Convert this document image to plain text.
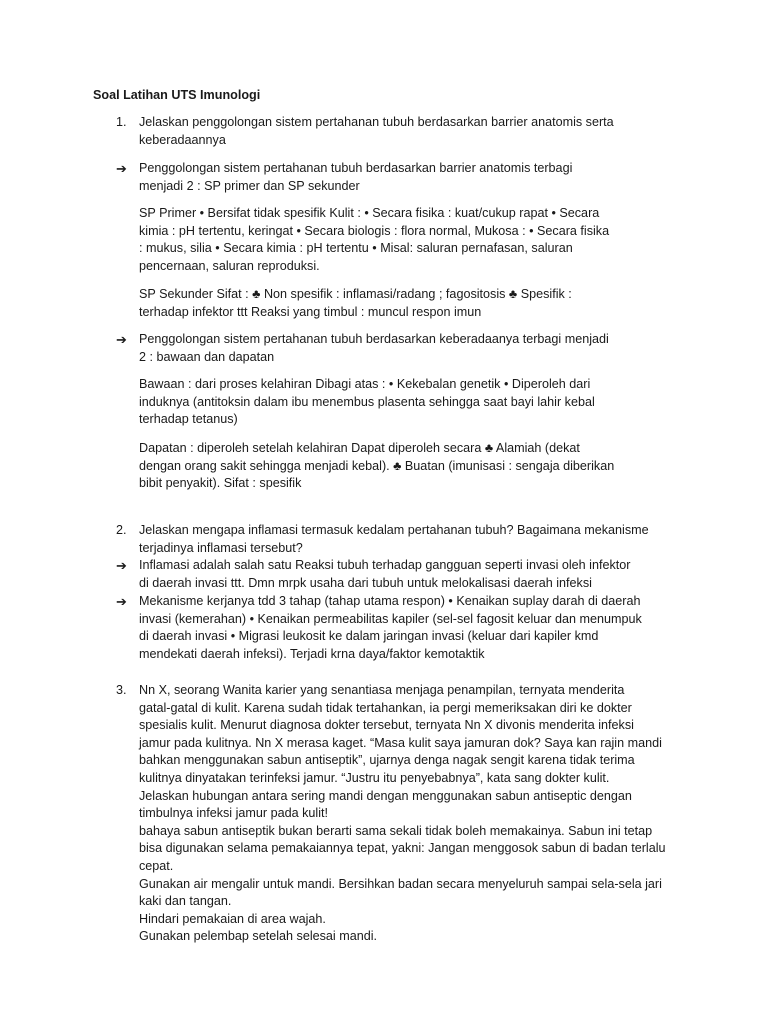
Soal Latihan UTS Imunologi
1. Jelaskan penggolongan sistem pertahanan tubuh berdasarkan barrier anatomis serta

keberadaannya

➔ Penggolongan sistem pertahanan tubuh berdasarkan barrier anatomis terbagi

menjadi 2 : SP primer dan SP sekunder

SP Primer • Bersifat tidak spesifik Kulit : • Secara fisika : kuat/cukup rapat • Secara

kimia : pH tertentu, keringat • Secara biologis : flora normal, Mukosa : • Secara fisika

: mukus, silia • Secara kimia : pH tertentu • Misal: saluran pernafasan, saluran

pencernaan, saluran reproduksi.

SP Sekunder Sifat : ♣ Non spesifik : inflamasi/radang ; fagositosis ♣ Spesifik :

terhadap infektor ttt Reaksi yang timbul : muncul respon imun

➔ Penggolongan sistem pertahanan tubuh berdasarkan keberadaanya terbagi menjadi

2 : bawaan dan dapatan

Bawaan : dari proses kelahiran Dibagi atas : • Kekebalan genetik • Diperoleh dari

induknya (antitoksin dalam ibu menembus plasenta sehingga saat bayi lahir kebal

terhadap tetanus)

Dapatan : diperoleh setelah kelahiran Dapat diperoleh secara ♣ Alamiah (dekat

dengan orang sakit sehingga menjadi kebal). ♣ Buatan (imunisasi : sengaja diberikan

bibit penyakit). Sifat : spesifik

2. Jelaskan mengapa inflamasi termasuk kedalam pertahanan tubuh? Bagaimana mekanisme

terjadinya inflamasi tersebut?

➔ Inflamasi adalah salah satu Reaksi tubuh terhadap gangguan seperti invasi oleh infektor

di daerah invasi ttt. Dmn mrpk usaha dari tubuh untuk melokalisasi daerah infeksi

➔ Mekanisme kerjanya tdd 3 tahap (tahap utama respon) • Kenaikan suplay darah di daerah

invasi (kemerahan) • Kenaikan permeabilitas kapiler (sel-sel fagosit keluar dan menumpuk

di daerah invasi • Migrasi leukosit ke dalam jaringan invasi (keluar dari kapiler kmd

mendekati daerah infeksi). Terjadi krna daya/faktor kemotaktik

3. Nn X, seorang Wanita karier yang senantiasa menjaga penampilan, ternyata menderita

gatal-gatal di kulit. Karena sudah tidak tertahankan, ia pergi memeriksakan diri ke dokter

spesialis kulit. Menurut diagnosa dokter tersebut, ternyata Nn X divonis menderita infeksi

jamur pada kulitnya. Nn X merasa kaget. “Masa kulit saya jamuran dok? Saya kan rajin mandi

bahkan menggunakan sabun antiseptik”, ujarnya denga nagak sengit karena tidak terima

kulitnya dinyatakan terinfeksi jamur. “Justru itu penyebabnya”, kata sang dokter kulit.

Jelaskan hubungan antara sering mandi dengan menggunakan sabun antiseptic dengan

timbulnya infeksi jamur pada kulit!

bahaya sabun antiseptik bukan berarti sama sekali tidak boleh memakainya. Sabun ini tetap

bisa digunakan selama pemakaiannya tepat, yakni: Jangan menggosok sabun di badan terlalu

cepat.

Gunakan air mengalir untuk mandi. Bersihkan badan secara menyeluruh sampai sela-sela jari

kaki dan tangan.

Hindari pemakaian di area wajah.

Gunakan pelembap setelah selesai mandi.
